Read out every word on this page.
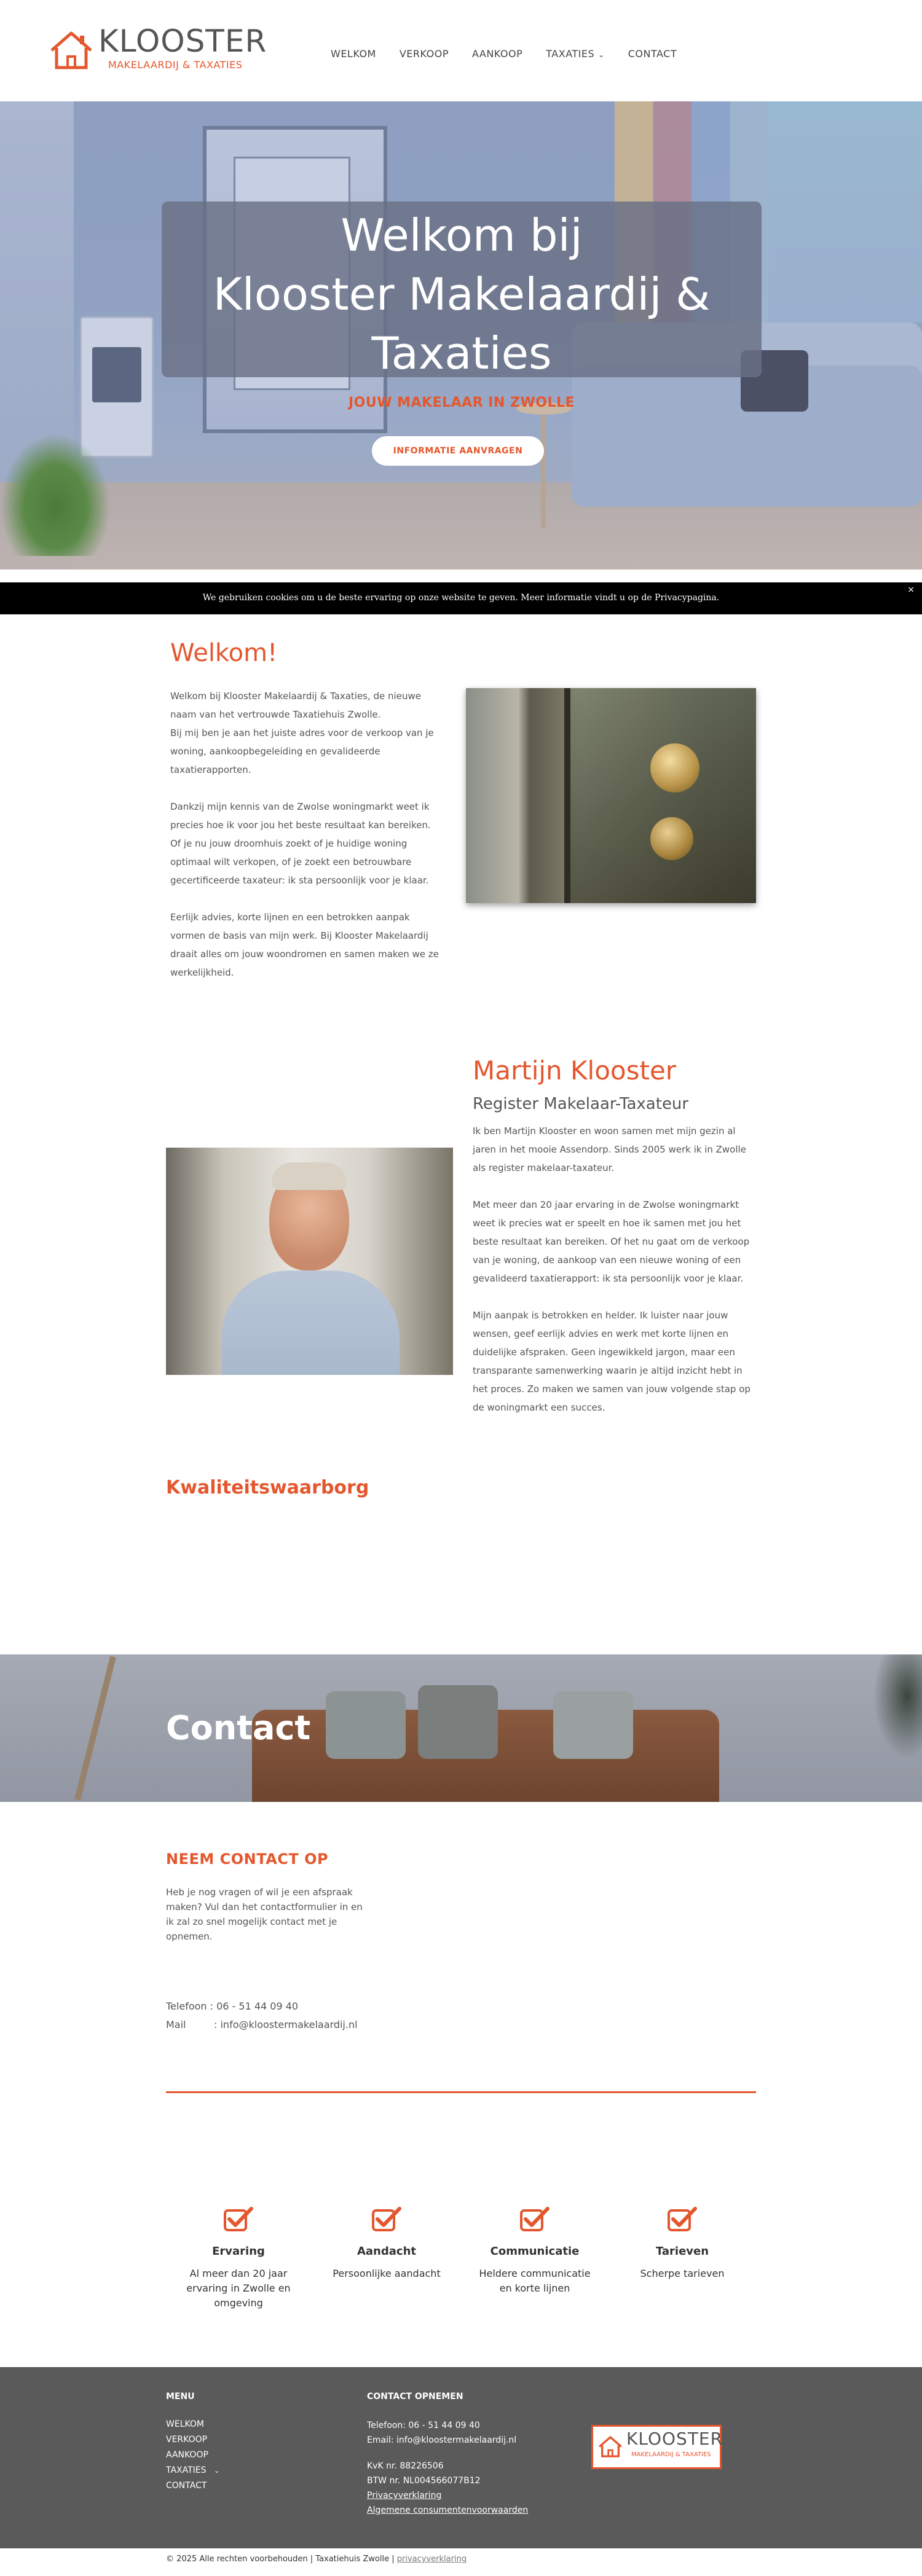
KLOOSTER
MAKELAARDIJ & TAXATIES
WELKOM VERKOOP AANKOOP TAXATIES ⌄ CONTACT
Welkom bij
Klooster Makelaardij &
Taxaties
JOUW MAKELAAR IN ZWOLLE
INFORMATIE AANVRAGEN
We gebruiken cookies om u de beste ervaring op onze website te geven. Meer informatie vindt u op de Privacypagina.
×
Welkom!

Welkom bij Klooster Makelaardij & Taxaties, de nieuwe naam van het vertrouwde Taxatiehuis Zwolle.
Bij mij ben je aan het juiste adres voor de verkoop van je woning, aankoopbegeleiding en gevalideerde taxatierapporten.

Dankzij mijn kennis van de Zwolse woningmarkt weet ik precies hoe ik voor jou het beste resultaat kan bereiken. Of je nu jouw droomhuis zoekt of je huidige woning optimaal wilt verkopen, of je zoekt een betrouwbare gecertificeerde taxateur: ik sta persoonlijk voor je klaar.

Eerlijk advies, korte lijnen en een betrokken aanpak vormen de basis van mijn werk. Bij Klooster Makelaardij draait alles om jouw woondromen en samen maken we ze werkelijkheid.

Martijn Klooster
Register Makelaar-Taxateur

Ik ben Martijn Klooster en woon samen met mijn gezin al jaren in het mooie Assendorp. Sinds 2005 werk ik in Zwolle als register makelaar-taxateur.

Met meer dan 20 jaar ervaring in de Zwolse woningmarkt weet ik precies wat er speelt en hoe ik samen met jou het beste resultaat kan bereiken. Of het nu gaat om de verkoop van je woning, de aankoop van een nieuwe woning of een gevalideerd taxatierapport: ik sta persoonlijk voor je klaar.

Mijn aanpak is betrokken en helder. Ik luister naar jouw wensen, geef eerlijk advies en werk met korte lijnen en duidelijke afspraken. Geen ingewikkeld jargon, maar een transparante samenwerking waarin je altijd inzicht hebt in het proces. Zo maken we samen van jouw volgende stap op de woningmarkt een succes.

Kwaliteitswaarborg
Contact
NEEM CONTACT OP

Heb je nog vragen of wil je een afspraak maken? Vul dan het contactformulier in en ik zal zo snel mogelijk contact met je opnemen.

Telefoon : 06 - 51 44 09 40
Mail	: info@kloostermakelaardij.nl
Ervaring
Al meer dan 20 jaar ervaring in Zwolle en omgeving
Aandacht
Persoonlijke aandacht
Communicatie
Heldere communicatie en korte lijnen
Tarieven
Scherpe tarieven
MENU
WELKOM
VERKOOP
AANKOOP
TAXATIES ⌄
CONTACT
CONTACT OPNEMEN
Telefoon: 06 - 51 44 09 40
Email: info@kloostermakelaardij.nl
KvK nr. 88226506
BTW nr. NL004566077B12
Privacyverklaring
Algemene consumentenvoorwaarden
KLOOSTER
MAKELAARDIJ & TAXATIES
© 2025 Alle rechten voorbehouden | Taxatiehuis Zwolle | privacyverklaring
